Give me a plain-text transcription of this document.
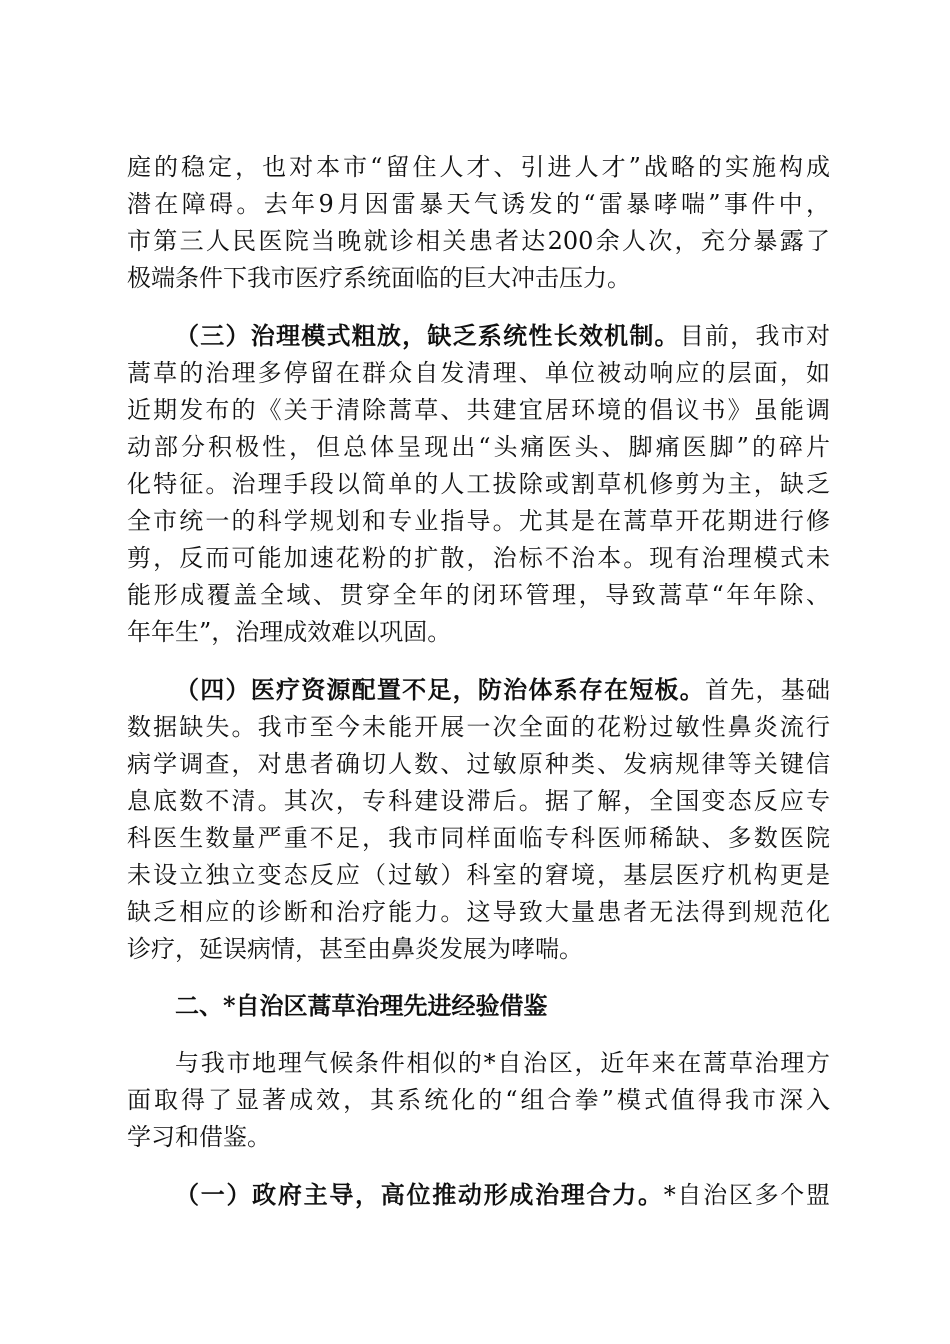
庭的稳定，也对本市“留住人才、引进人才”战略的实施构成
潜在障碍。去年9月因雷暴天气诱发的“雷暴哮喘”事件中，
市第三人民医院当晚就诊相关患者达200余人次，充分暴露了
极端条件下我市医疗系统面临的巨大冲击压力。
（三）治理模式粗放，缺乏系统性长效机制。目前，我市对
蒿草的治理多停留在群众自发清理、单位被动响应的层面，如
近期发布的《关于清除蒿草、共建宜居环境的倡议书》虽能调
动部分积极性，但总体呈现出“头痛医头、脚痛医脚”的碎片
化特征。治理手段以简单的人工拔除或割草机修剪为主，缺乏
全市统一的科学规划和专业指导。尤其是在蒿草开花期进行修
剪，反而可能加速花粉的扩散，治标不治本。现有治理模式未
能形成覆盖全域、贯穿全年的闭环管理，导致蒿草“年年除、
年年生”，治理成效难以巩固。
（四）医疗资源配置不足，防治体系存在短板。首先，基础
数据缺失。我市至今未能开展一次全面的花粉过敏性鼻炎流行
病学调查，对患者确切人数、过敏原种类、发病规律等关键信
息底数不清。其次，专科建设滞后。据了解，全国变态反应专
科医生数量严重不足，我市同样面临专科医师稀缺、多数医院
未设立独立变态反应（过敏）科室的窘境，基层医疗机构更是
缺乏相应的诊断和治疗能力。这导致大量患者无法得到规范化
诊疗，延误病情，甚至由鼻炎发展为哮喘。
二、*自治区蒿草治理先进经验借鉴
与我市地理气候条件相似的*自治区，近年来在蒿草治理方
面取得了显著成效，其系统化的“组合拳”模式值得我市深入
学习和借鉴。
（一）政府主导，高位推动形成治理合力。*自治区多个盟
